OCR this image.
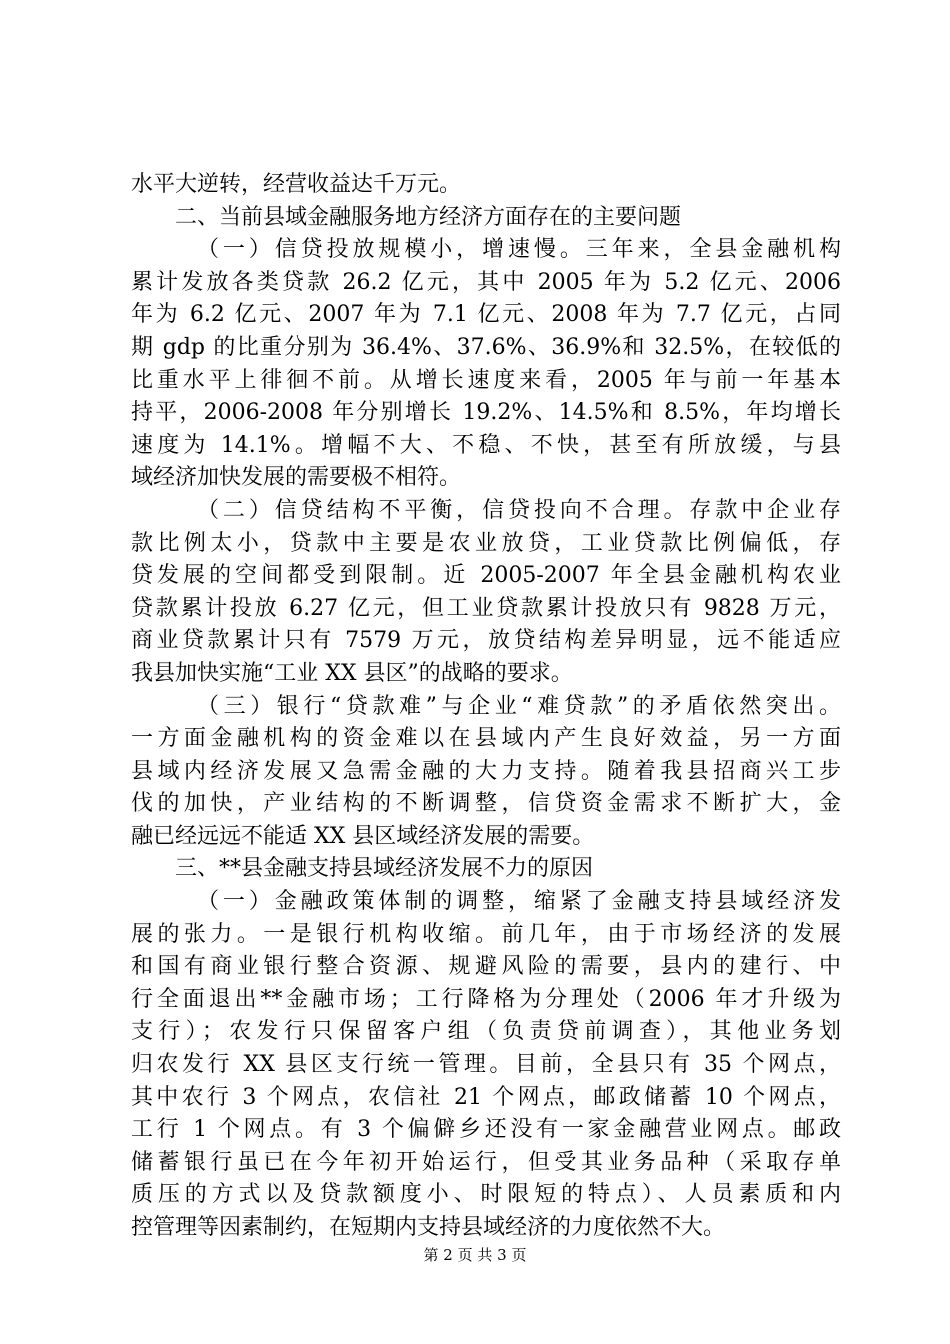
水平大逆转，经营收益达千万元。
二、当前县域金融服务地方经济方面存在的主要问题
（一）信贷投放规模小，增速慢。三年来，全县金融机构
累计发放各类贷款 26.2 亿元，其中 2005 年为 5.2 亿元、2006
年为 6.2 亿元、2007 年为 7.1 亿元、2008 年为 7.7 亿元，占同
期 gdp 的比重分别为 36.4%、37.6%、36.9%和 32.5%，在较低的
比重水平上徘徊不前。从增长速度来看，2005 年与前一年基本
持平，2006-2008 年分别增长 19.2%、14.5%和 8.5%，年均增长
速度为 14.1%。增幅不大、不稳、不快，甚至有所放缓，与县
域经济加快发展的需要极不相符。
（二）信贷结构不平衡，信贷投向不合理。存款中企业存
款比例太小，贷款中主要是农业放贷，工业贷款比例偏低，存
贷发展的空间都受到限制。近 2005-2007 年全县金融机构农业
贷款累计投放 6.27 亿元，但工业贷款累计投放只有 9828 万元，
商业贷款累计只有 7579 万元，放贷结构差异明显，远不能适应
我县加快实施“工业 XX 县区”的战略的要求。
（三）银行“贷款难”与企业“难贷款”的矛盾依然突出。
一方面金融机构的资金难以在县域内产生良好效益，另一方面
县域内经济发展又急需金融的大力支持。随着我县招商兴工步
伐的加快，产业结构的不断调整，信贷资金需求不断扩大，金
融已经远远不能适 XX 县区域经济发展的需要。
三、**县金融支持县域经济发展不力的原因
（一）金融政策体制的调整，缩紧了金融支持县域经济发
展的张力。一是银行机构收缩。前几年，由于市场经济的发展
和国有商业银行整合资源、规避风险的需要，县内的建行、中
行全面退出**金融市场；工行降格为分理处（2006 年才升级为
支行）；农发行只保留客户组（负责贷前调查），其他业务划
归农发行 XX 县区支行统一管理。目前，全县只有 35 个网点，
其中农行 3 个网点，农信社 21 个网点，邮政储蓄 10 个网点，
工行 1 个网点。有 3 个偏僻乡还没有一家金融营业网点。邮政
储蓄银行虽已在今年初开始运行，但受其业务品种（采取存单
质压的方式以及贷款额度小、时限短的特点）、人员素质和内
控管理等因素制约，在短期内支持县域经济的力度依然不大。
第 2 页 共 3 页
